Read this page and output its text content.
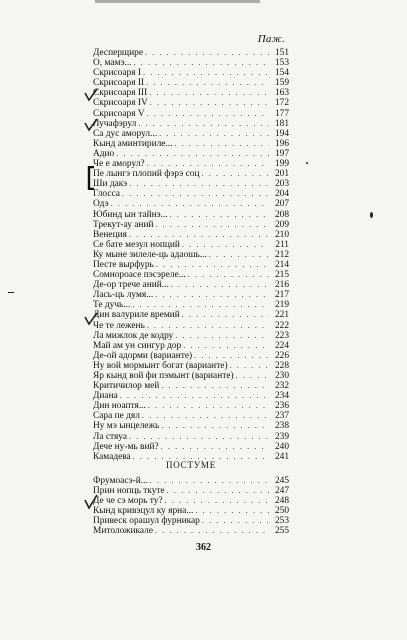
Паж.
Десперщире . . .	151
О, мамэ... . . .	153
Скрисоаря I . . .	154
Скрисоаря II . . .	159
Скрисоаря III . . .	163
Скрисоаря IV . . .	172
Скрисоаря V . . .	177
Лучафэрул . . .	181
Са дус аморул... . . .	194
Кынд аминтириле... . . .	196
Адио . . .	197
Че е аморул? . . .	199
Пе лынгэ плопий фэрэ соц . . .	201
Ши дакэ . . .	203
Глосса . . .	204
Одэ . . .	207
Юбинд ын тайнэ... . . .	208
Трекут-ау аний . . .	209
Венеция . . .	210
Се бате мезул нопций . . .	211
Ку мыне зилеле-ць адаошь... . . .	212
Песте вырфурь . . .	214
Сомнороасе пэсэреле... . . .	215
Де-ор трече аний... . . .	216
Лась-ць лумя... . . .	217
Те дучь... . . .	219
Дин валуриле времий . . .	221
Че те лежень . . .	222
Ла мижлок де кодру . . .	223
Май ам ун сингур дор . . .	224
Де-ой адорми (варианте) . . .	226
Ну вой мормынт богат (варианте) . . .	228
Яр кынд вой фи пэмынт (варианте) . . .	230
Критичилор мей . . .	232
Диана . . .	234
Дин ноаптя... . . .	236
Сара пе дял . . .	237
Ну мэ ынцележь . . .	238
Ла стяуа . . .	239
Дече ну-мь вий? . . .	240
Камадева . . .	241
ПОСТУМЕ
Фрумоасэ-й... . . .	245
Прин нопць ткуте . . .	247
Де че сэ морь ту? . . .	248
Кынд кривэцул ку ярна... . . .	250
Привеск орашул фурникар . . .	253
Митоложикале . . .	255
362
